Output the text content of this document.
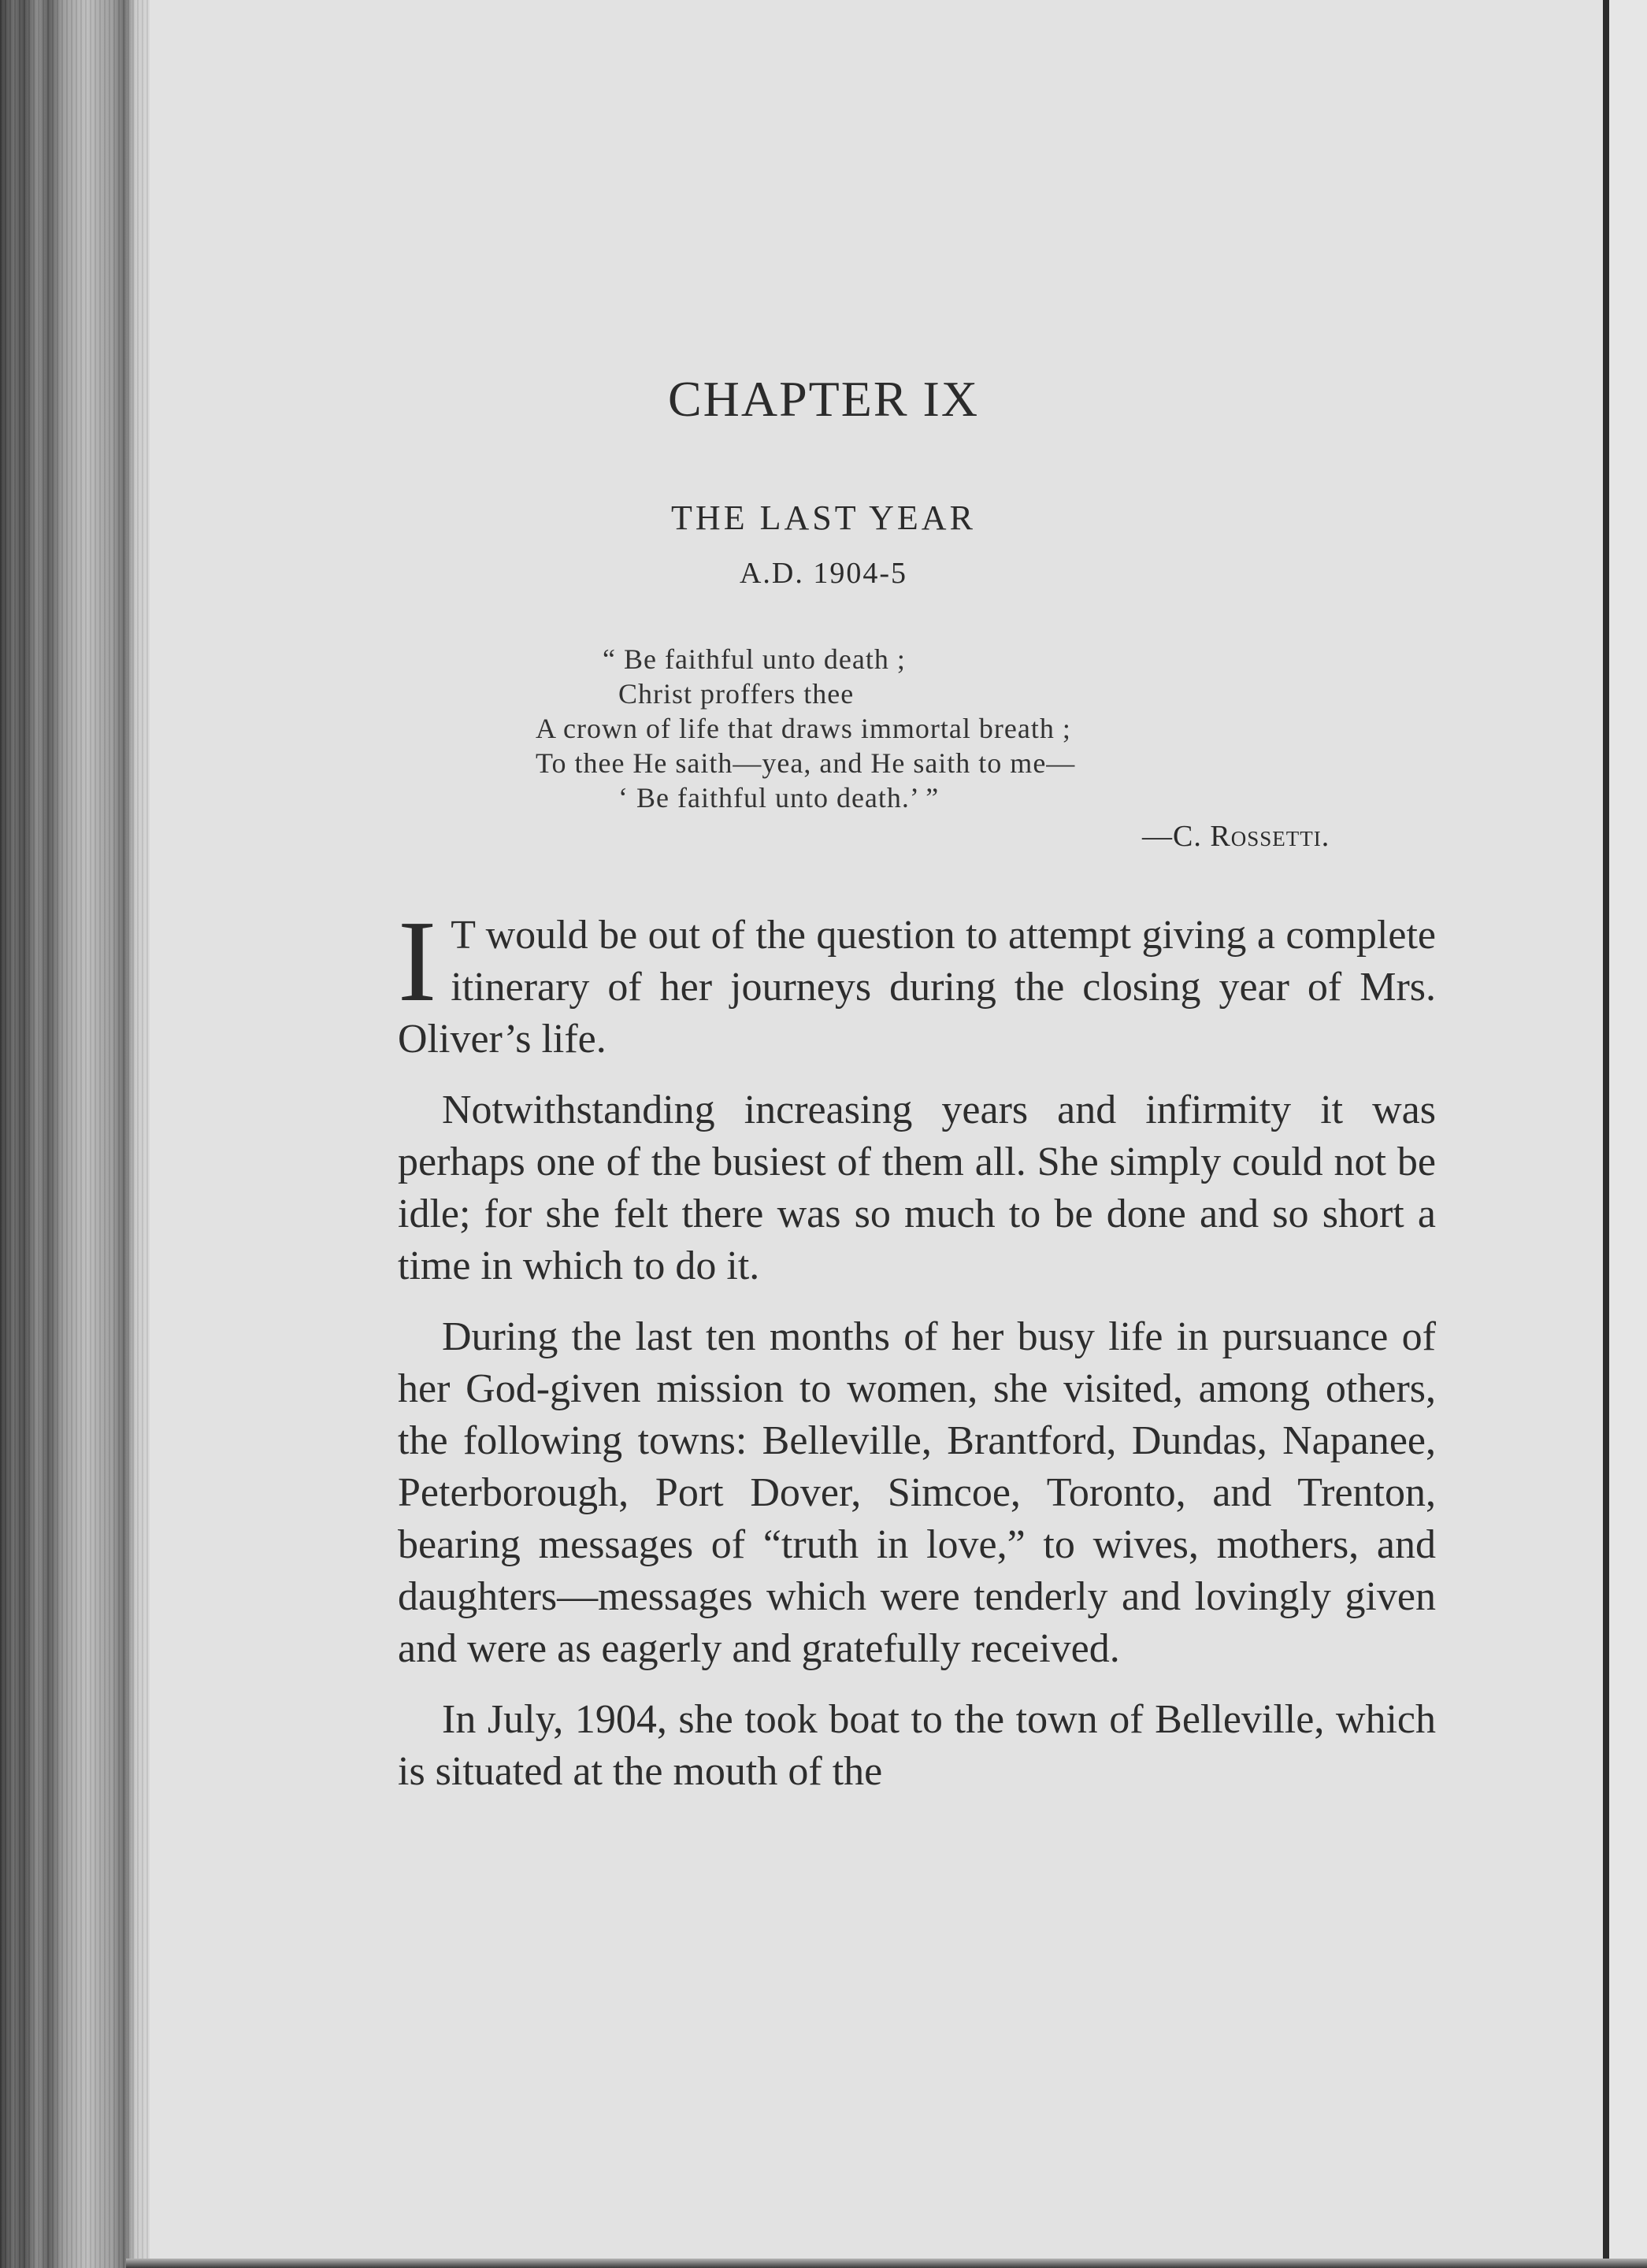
CHAPTER IX
THE LAST YEAR
A.D. 1904-5
“ Be faithful unto death ;
Christ proffers thee
A crown of life that draws immortal breath ;
To thee He saith—yea, and He saith to me—
‘ Be faithful unto death.’ ”
—C. Rossetti.

I T would be out of the question to attempt giving a complete itinerary of her journeys during the closing year of Mrs. Oliver’s life.

Notwithstanding increasing years and infirmity it was perhaps one of the busiest of them all. She simply could not be idle; for she felt there was so much to be done and so short a time in which to do it.

During the last ten months of her busy life in pursuance of her God-given mission to women, she visited, among others, the following towns: Belleville, Brantford, Dundas, Napanee, Peterborough, Port Dover, Simcoe, Toronto, and Trenton, bearing messages of “truth in love,” to wives, mothers, and daughters—messages which were tenderly and lovingly given and were as eagerly and gratefully received.

In July, 1904, she took boat to the town of Belleville, which is situated at the mouth of the
